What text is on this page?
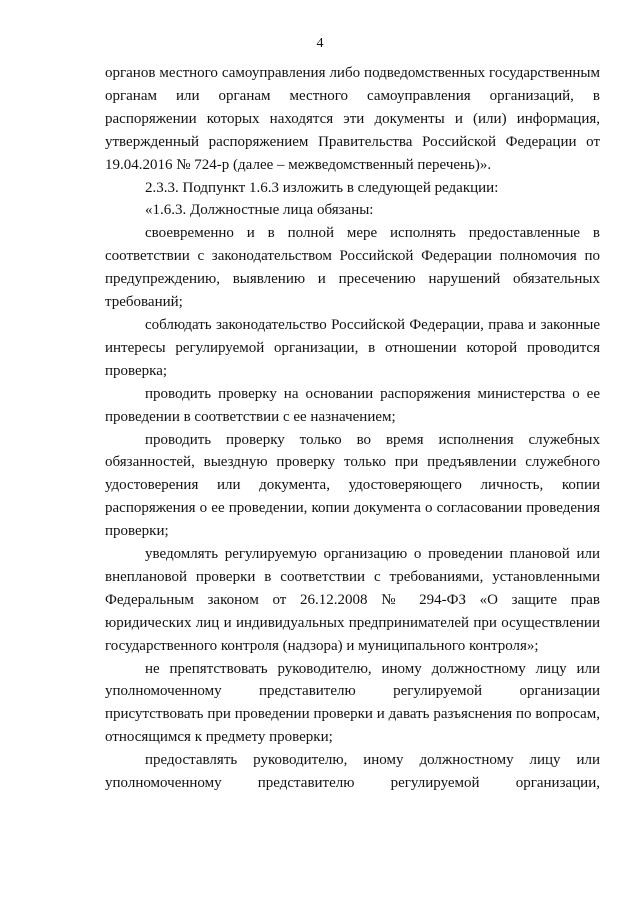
4

органов местного самоуправления либо подведомственных государственным органам или органам местного самоуправления организаций, в распоряжении которых находятся эти документы и (или) информация, утвержденный распоряжением Правительства Российской Федерации от 19.04.2016 № 724-р (далее – межведомственный перечень)».

2.3.3. Подпункт 1.6.3 изложить в следующей редакции:

«1.6.3. Должностные лица обязаны:

своевременно и в полной мере исполнять предоставленные в соответствии с законодательством Российской Федерации полномочия по предупреждению, выявлению и пресечению нарушений обязательных требований;

соблюдать законодательство Российской Федерации, права и законные интересы регулируемой организации, в отношении которой проводится проверка;

проводить проверку на основании распоряжения министерства о ее проведении в соответствии с ее назначением;

проводить проверку только во время исполнения служебных обязанностей, выездную проверку только при предъявлении служебного удостоверения или документа, удостоверяющего личность, копии распоряжения о ее проведении, копии документа о согласовании проведения проверки;

уведомлять регулируемую организацию о проведении плановой или внеплановой проверки в соответствии с требованиями, установленными Федеральным законом от 26.12.2008 № 294-ФЗ «О защите прав юридических лиц и индивидуальных предпринимателей при осуществлении государственного контроля (надзора) и муниципального контроля»;

не препятствовать руководителю, иному должностному лицу или уполномоченному представителю регулируемой организации присутствовать при проведении проверки и давать разъяснения по вопросам, относящимся к предмету проверки;

предоставлять руководителю, иному должностному лицу или уполномоченному представителю регулируемой организации,
